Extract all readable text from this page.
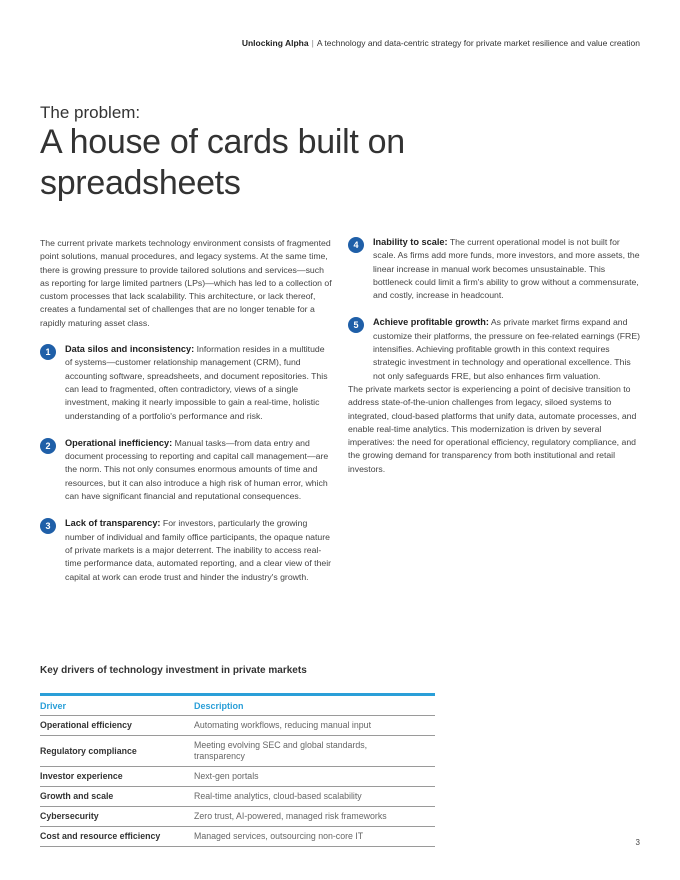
Unlocking Alpha | A technology and data-centric strategy for private market resilience and value creation
The problem:
A house of cards built on spreadsheets

The current private markets technology environment consists of fragmented point solutions, manual procedures, and legacy systems. At the same time, there is growing pressure to provide tailored solutions and services—such as reporting for large limited partners (LPs)—which has led to a collection of custom processes that lack scalability. This architecture, or lack thereof, creates a fundamental set of challenges that are no longer tenable for a rapidly maturing asset class.

1	Data silos and inconsistency: Information resides in a multitude of systems—customer relationship management (CRM), fund accounting software, spreadsheets, and document repositories. This can lead to fragmented, often contradictory, views of a single investment, making it nearly impossible to gain a real-time, holistic understanding of a portfolio's performance and risk.

2	Operational inefficiency: Manual tasks—from data entry and document processing to reporting and capital call management—are the norm. This not only consumes enormous amounts of time and resources, but it can also introduce a high risk of human error, which can have significant financial and reputational consequences.

3	Lack of transparency: For investors, particularly the growing number of individual and family office participants, the opaque nature of private markets is a major deterrent. The inability to access real-time performance data, automated reporting, and a clear view of their capital at work can erode trust and hinder the industry's growth.

4	Inability to scale: The current operational model is not built for scale. As firms add more funds, more investors, and more assets, the linear increase in manual work becomes unsustainable. This bottleneck could limit a firm's ability to grow without a commensurate, and costly, increase in headcount.

5	Achieve profitable growth: As private market firms expand and customize their platforms, the pressure on fee-related earnings (FRE) intensifies. Achieving profitable growth in this context requires strategic investment in technology and operational excellence. This not only safeguards FRE, but also enhances firm valuation.

The private markets sector is experiencing a point of decisive transition to address state-of-the-union challenges from legacy, siloed systems to integrated, cloud-based platforms that unify data, automate processes, and enable real-time analytics. This modernization is driven by several imperatives: the need for operational efficiency, regulatory compliance, and the growing demand for transparency from both institutional and retail investors.

Key drivers of technology investment in private markets
Driver	Description
Operational efficiency	Automating workflows, reducing manual input
Regulatory compliance	Meeting evolving SEC and global standards, transparency
Investor experience	Next-gen portals
Growth and scale	Real-time analytics, cloud-based scalability
Cybersecurity	Zero trust, AI-powered, managed risk frameworks
Cost and resource efficiency	Managed services, outsourcing non-core IT
3
